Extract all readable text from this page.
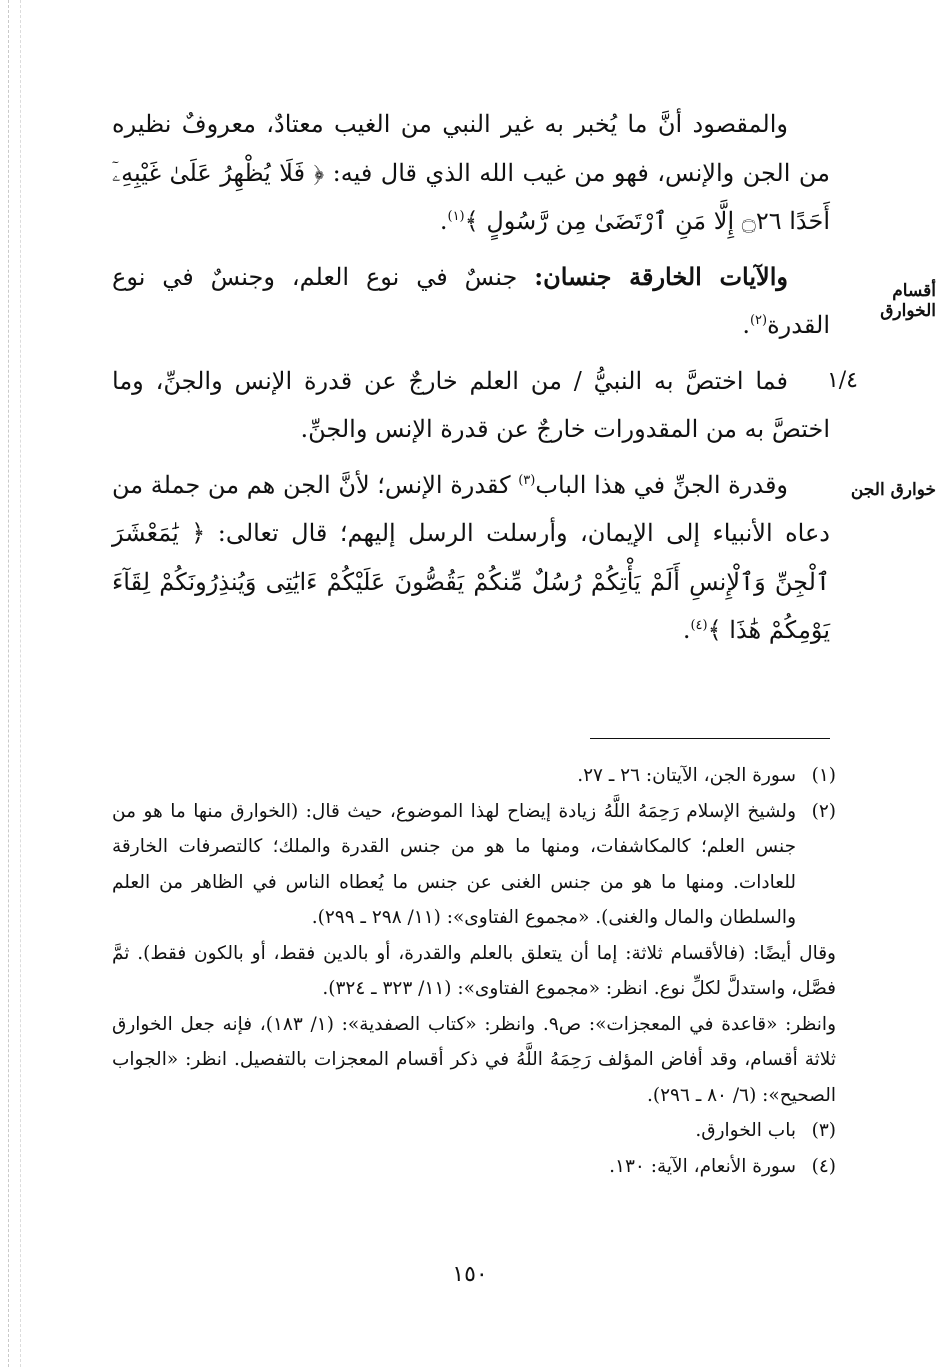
أقسام الخوارق
١/٤
خوارق الجن

والمقصود أنَّ ما يُخبر به غير النبي من الغيب معتادٌ، معروفٌ نظيره من الجن والإنس، فهو من غيب الله الذي قال فيه: ﴿ فَلَا يُظْهِرُ عَلَىٰ غَيْبِهِۦٓ أَحَدًا ۝٢٦ إِلَّا مَنِ ٱرْتَضَىٰ مِن رَّسُولٍ ﴾$^{(١)}$.

والآيات الخارقة جنسان: جنسٌ في نوع العلم، وجنسٌ في نوع القدرة$^{(٢)}$.

فما اختصَّ به النبيُّ / من العلم خارجٌ عن قدرة الإنس والجنِّ، وما اختصَّ به من المقدورات خارجٌ عن قدرة الإنس والجنِّ.

وقدرة الجنِّ في هذا الباب$^{(٣)}$ كقدرة الإنس؛ لأنَّ الجن هم من جملة من دعاه الأنبياء إلى الإيمان، وأرسلت الرسل إليهم؛ قال تعالى: ﴿ يَٰمَعْشَرَ ٱلْجِنِّ وَٱلْإِنسِ أَلَمْ يَأْتِكُمْ رُسُلٌ مِّنكُمْ يَقُصُّونَ عَلَيْكُمْ ءَايَٰتِى وَيُنذِرُونَكُمْ لِقَآءَ يَوْمِكُمْ هَٰذَا ﴾$^{(٤)}$.

(١)
سورة الجن، الآيتان: ٢٦ ـ ٢٧.
(٢)
ولشيخ الإسلام رَحِمَهُ اللَّهُ زيادة إيضاح لهذا الموضوع، حيث قال: (الخوارق منها ما هو من جنس العلم؛ كالمكاشفات، ومنها ما هو من جنس القدرة والملك؛ كالتصرفات الخارقة للعادات. ومنها ما هو من جنس الغنى عن جنس ما يُعطاه الناس في الظاهر من العلم والسلطان والمال والغنى). «مجموع الفتاوى»: (١١/ ٢٩٨ ـ ٢٩٩).
وقال أيضًا: (فالأقسام ثلاثة: إما أن يتعلق بالعلم والقدرة، أو بالدين فقط، أو بالكون فقط). ثمَّ فصَّل، واستدلَّ لكلِّ نوع. انظر: «مجموع الفتاوى»: (١١/ ٣٢٣ ـ ٣٢٤).
وانظر: «قاعدة في المعجزات»: ص٩. وانظر: «كتاب الصفدية»: (١/ ١٨٣)، فإنه جعل الخوارق ثلاثة أقسام، وقد أفاض المؤلف رَحِمَهُ اللَّهُ في ذكر أقسام المعجزات بالتفصيل. انظر: «الجواب الصحيح»: (٦/ ٨٠ ـ ٢٩٦).
(٣)
باب الخوارق.
(٤)
سورة الأنعام، الآية: ١٣٠.
١٥٠
